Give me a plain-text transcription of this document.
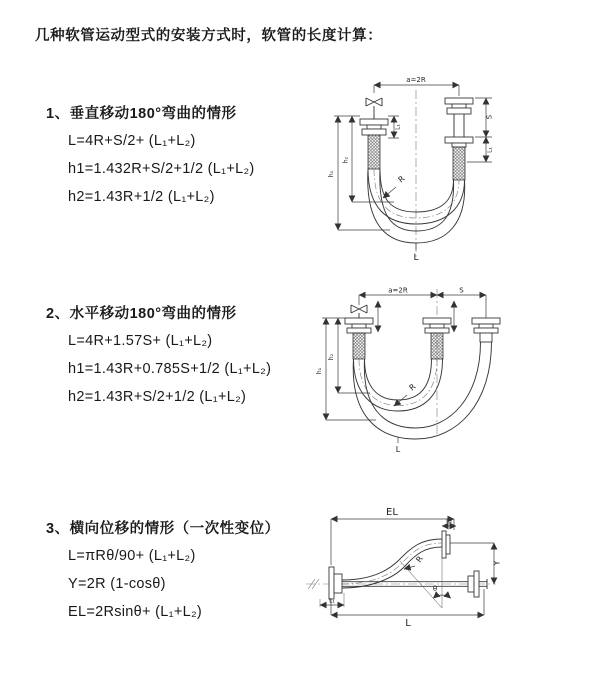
几种软管运动型式的安装方式时，软管的长度计算：
1、垂直移动180°弯曲的情形
L=4R+S/2+ (L₁+L₂)
h1=1.432R+S/2+1/2 (L₁+L₂)
h2=1.43R+1/2 (L₁+L₂)
2、水平移动180°弯曲的情形
L=4R+1.57S+ (L₁+L₂)
h1=1.43R+0.785S+1/2 (L₁+L₂)
h2=1.43R+S/2+1/2 (L₁+L₂)
3、横向位移的情形（一次性变位）
L=πRθ/90+ (L₁+L₂)
Y=2R (1-cosθ)
EL=2Rsinθ+ (L₁+L₂)
a=2R
S
L₁
L₁
h₂
h₁
R
L
a=2R	S
h₂
h₁
R
L
EL
L₂
θ
R	Y
L₁
L
